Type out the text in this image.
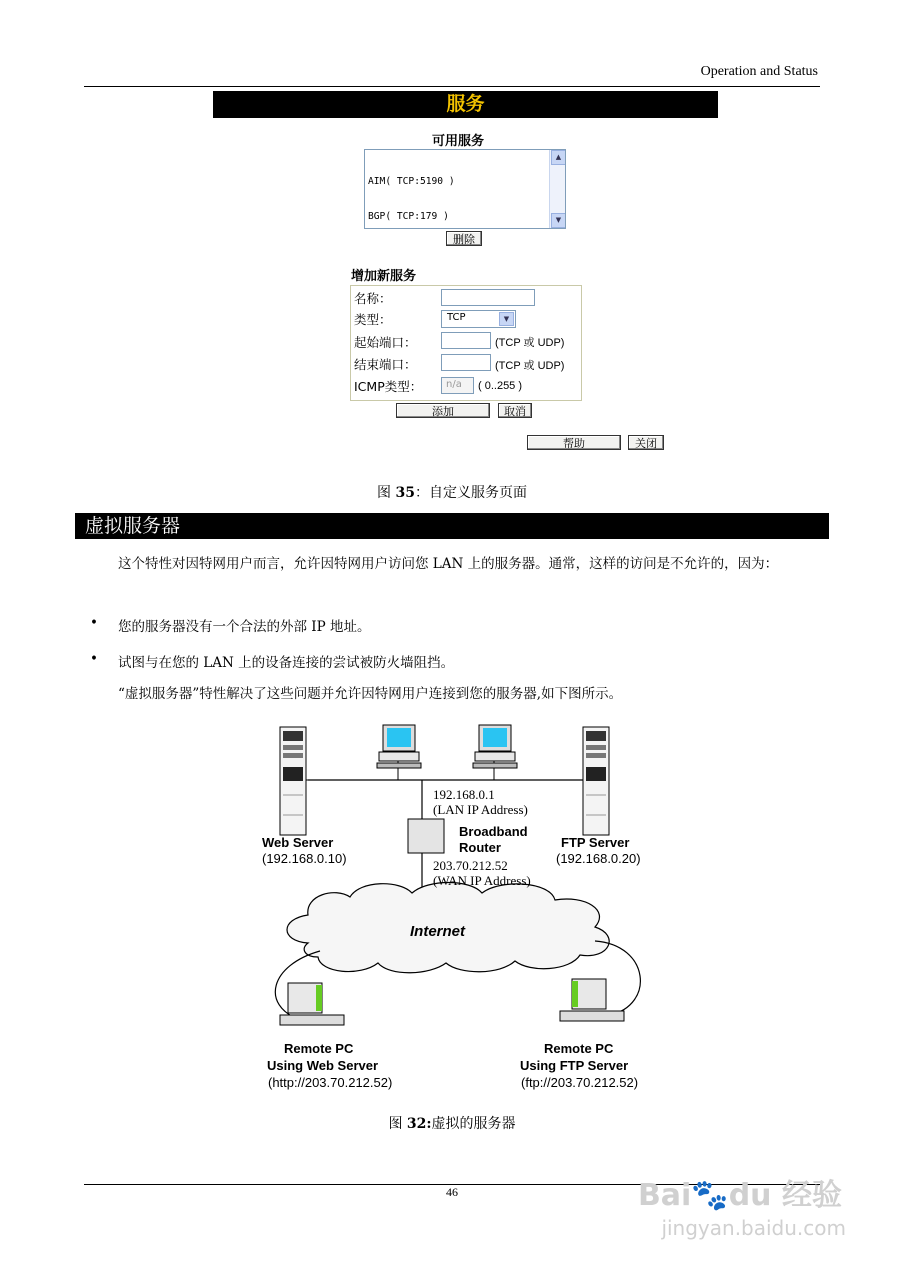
Operation and Status
服务
可用服务

AIM( TCP:5190 )

BGP( TCP:179 )

▲
▼
删除
增加新服务
名称：
类型：	TCP	▼
起始端口：	(TCP 或 UDP)
结束端口：	(TCP 或 UDP)
ICMP类型： n/a ( 0..255 )
添加	取消
帮助	关闭
图 35：自定义服务页面
虚拟服务器
这个特性对因特网用户而言，允许因特网用户访问您 LAN 上的服务器。通常，这样的访问是不允许的，因为：
• 您的服务器没有一个合法的外部 IP 地址。
• 试图与在您的 LAN 上的设备连接的尝试被防火墙阻挡。
“虚拟服务器”特性解决了这些问题并允许因特网用户连接到您的服务器,如下图所示。
Web Server
(192.168.0.10)
FTP Server
(192.168.0.20)
192.168.0.1
(LAN IP Address)
Broadband
Router
203.70.212.52
(WAN IP Address)
Internet
Remote PC
Using Web Server
(http://203.70.212.52)
Remote PC
Using FTP Server
(ftp://203.70.212.52)
图 32:虚拟的服务器
46	Bai🐾du 经验
jingyan.baidu.com
